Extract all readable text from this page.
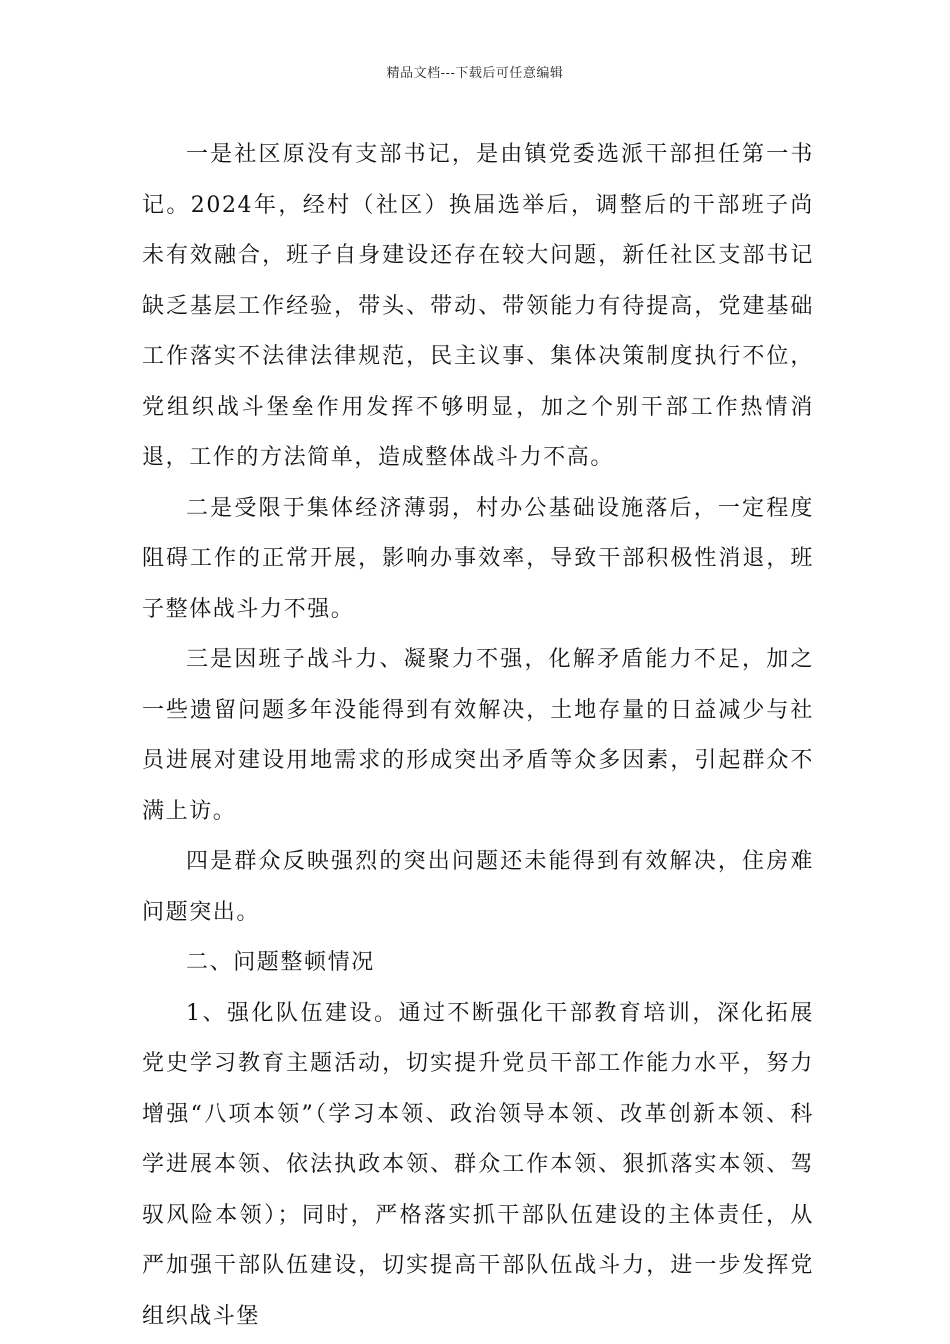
精品文档---下载后可任意编辑

一是社区原没有支部书记，是由镇党委选派干部担任第一书记。2024年，经村（社区）换届选举后，调整后的干部班子尚未有效融合，班子自身建设还存在较大问题，新任社区支部书记缺乏基层工作经验，带头、带动、带领能力有待提高，党建基础工作落实不法律法律规范，民主议事、集体决策制度执行不位，党组织战斗堡垒作用发挥不够明显，加之个别干部工作热情消退，工作的方法简单，造成整体战斗力不高。

二是受限于集体经济薄弱，村办公基础设施落后，一定程度阻碍工作的正常开展，影响办事效率，导致干部积极性消退，班子整体战斗力不强。

三是因班子战斗力、凝聚力不强，化解矛盾能力不足，加之一些遗留问题多年没能得到有效解决，土地存量的日益减少与社员进展对建设用地需求的形成突出矛盾等众多因素，引起群众不满上访。

四是群众反映强烈的突出问题还未能得到有效解决，住房难问题突出。

二、问题整顿情况

1、强化队伍建设。通过不断强化干部教育培训，深化拓展党史学习教育主题活动，切实提升党员干部工作能力水平，努力增强“八项本领”（学习本领、政治领导本领、改革创新本领、科学进展本领、依法执政本领、群众工作本领、狠抓落实本领、驾驭风险本领）；同时，严格落实抓干部队伍建设的主体责任，从严加强干部队伍建设，切实提高干部队伍战斗力，进一步发挥党组织战斗堡
